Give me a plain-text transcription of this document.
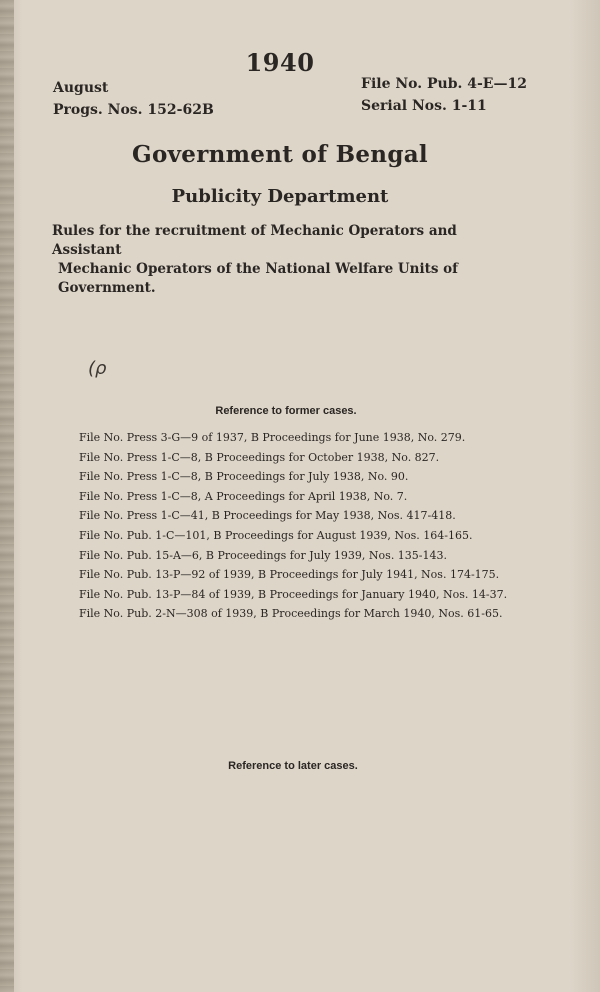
1940
August
Progs. Nos. 152-62B
File No. Pub. 4-E—12
Serial Nos. 1-11
Government of Bengal
Publicity Department
Rules for the recruitment of Mechanic Operators and Assistant
Mechanic Operators of the National Welfare Units of Government.
(ρ
Reference to former cases.
File No. Press 3-G—9 of 1937, B Proceedings for June 1938, No. 279.
File No. Press 1-C—8, B Proceedings for October 1938, No. 827.
File No. Press 1-C—8, B Proceedings for July 1938, No. 90.
File No. Press 1-C—8, A Proceedings for April 1938, No. 7.
File No. Press 1-C—41, B Proceedings for May 1938, Nos. 417-418.
File No. Pub. 1-C—101, B Proceedings for August 1939, Nos. 164-165.
File No. Pub. 15-A—6, B Proceedings for July 1939, Nos. 135-143.
File No. Pub. 13-P—92 of 1939, B Proceedings for July 1941, Nos. 174-175.
File No. Pub. 13-P—84 of 1939, B Proceedings for January 1940, Nos. 14-37.
File No. Pub. 2-N—308 of 1939, B Proceedings for March 1940, Nos. 61-65.
Reference to later cases.
